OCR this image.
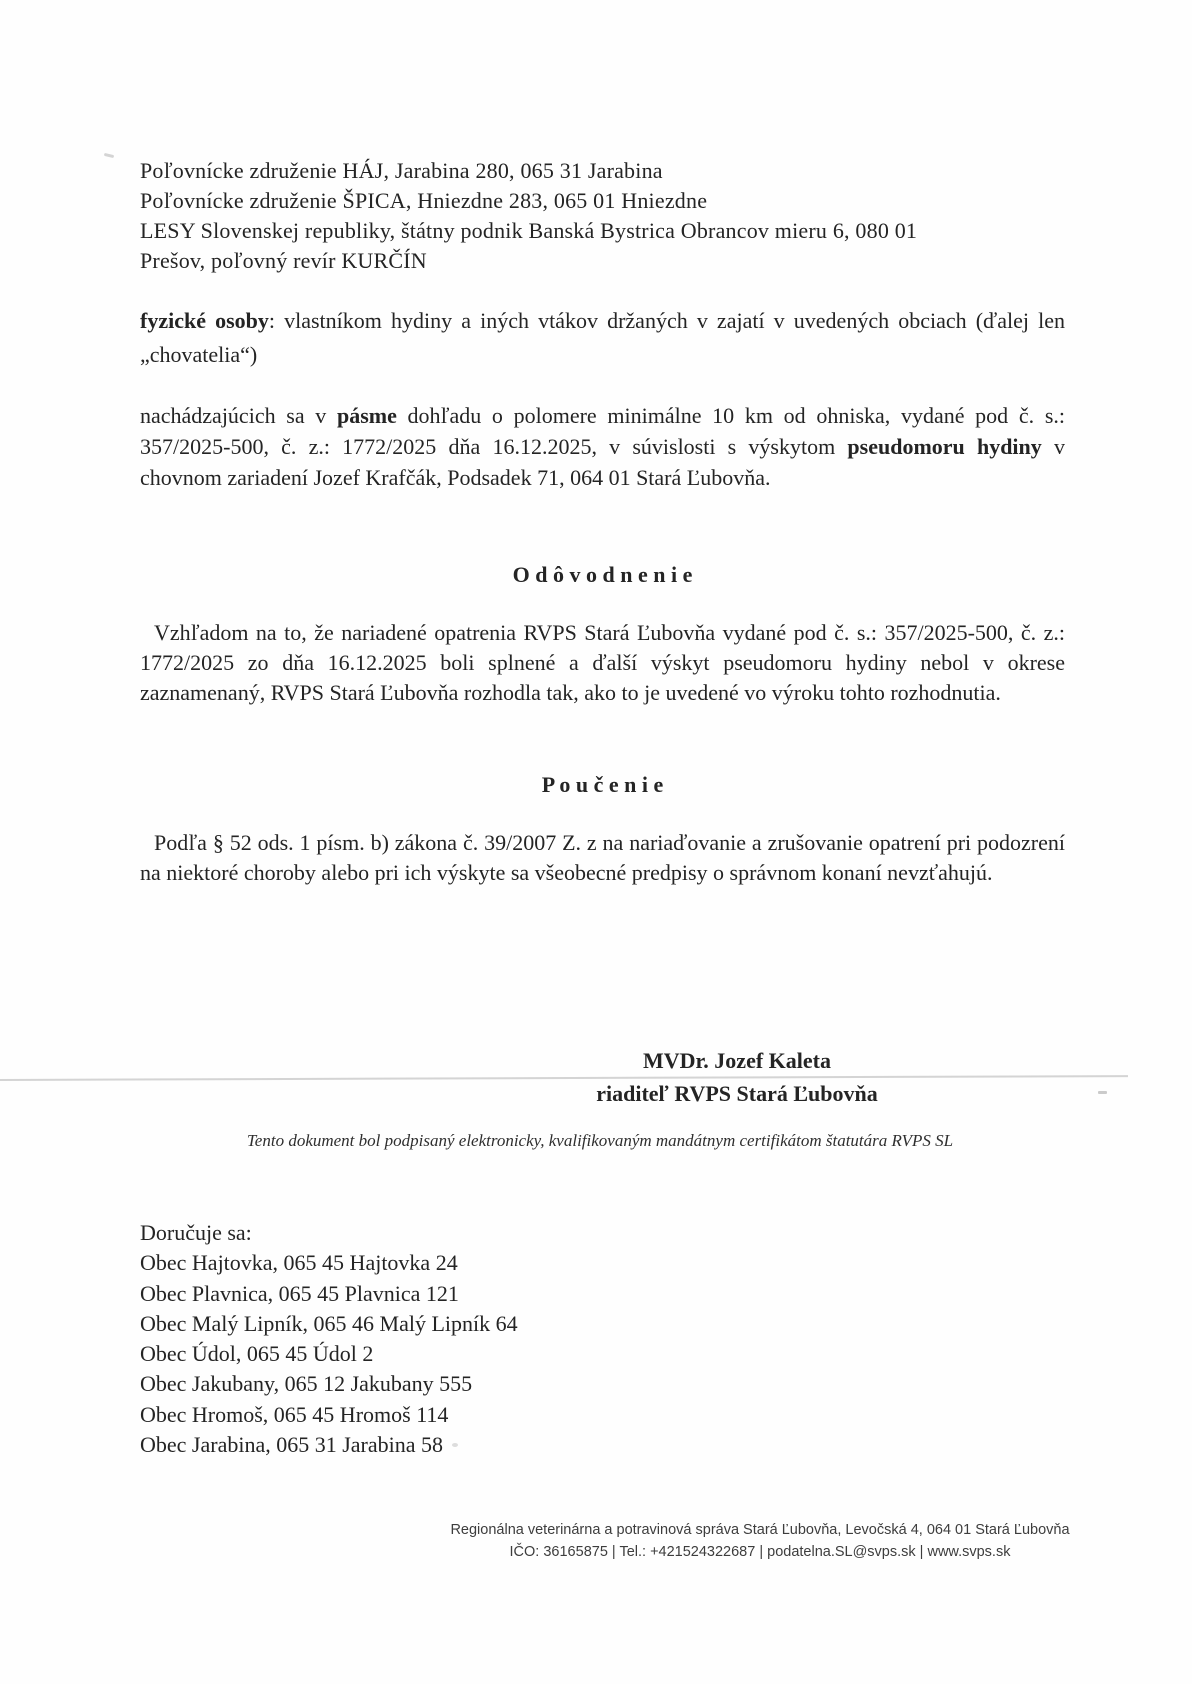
Poľovnícke združenie HÁJ, Jarabina 280, 065 31 Jarabina

Poľovnícke združenie ŠPICA, Hniezdne 283, 065 01 Hniezdne

LESY Slovenskej republiky, štátny podnik Banská Bystrica Obrancov mieru 6, 080 01

Prešov, poľovný revír KURČÍN

fyzické osoby: vlastníkom hydiny a iných vtákov držaných v zajatí v uvedených obciach (ďalej len „chovatelia“)

nachádzajúcich sa v pásme dohľadu o polomere minimálne 10 km od ohniska, vydané pod č. s.: 357/2025-500, č. z.: 1772/2025 dňa 16.12.2025, v súvislosti s výskytom pseudomoru hydiny v chovnom zariadení Jozef Krafčák, Podsadek 71, 064 01 Stará Ľubovňa.

O d ô v o d n e n i e

Vzhľadom na to, že nariadené opatrenia RVPS Stará Ľubovňa vydané pod č. s.: 357/2025-500, č. z.: 1772/2025 zo dňa 16.12.2025 boli splnené a ďalší výskyt pseudomoru hydiny nebol v okrese zaznamenaný, RVPS Stará Ľubovňa rozhodla tak, ako to je uvedené vo výroku tohto rozhodnutia.

P o u č e n i e

Podľa § 52 ods. 1 písm. b) zákona č. 39/2007 Z. z na nariaďovanie a zrušovanie opatrení pri podozrení na niektoré choroby alebo pri ich výskyte sa všeobecné predpisy o správnom konaní nevzťahujú.

MVDr. Jozef Kaleta

riaditeľ RVPS Stará Ľubovňa

Tento dokument bol podpisaný elektronicky, kvalifikovaným mandátnym certifikátom štatutára RVPS SL

Doručuje sa:

Obec Hajtovka, 065 45 Hajtovka 24

Obec Plavnica, 065 45 Plavnica 121

Obec Malý Lipník, 065 46 Malý Lipník 64

Obec Údol, 065 45 Údol 2

Obec Jakubany, 065 12 Jakubany 555

Obec Hromoš, 065 45 Hromoš 114

Obec Jarabina, 065 31 Jarabina 58

Regionálna veterinárna a potravinová správa Stará Ľubovňa, Levočská 4, 064 01 Stará Ľubovňa

IČO: 36165875 | Tel.: +421524322687 | podatelna.SL@svps.sk | www.svps.sk
